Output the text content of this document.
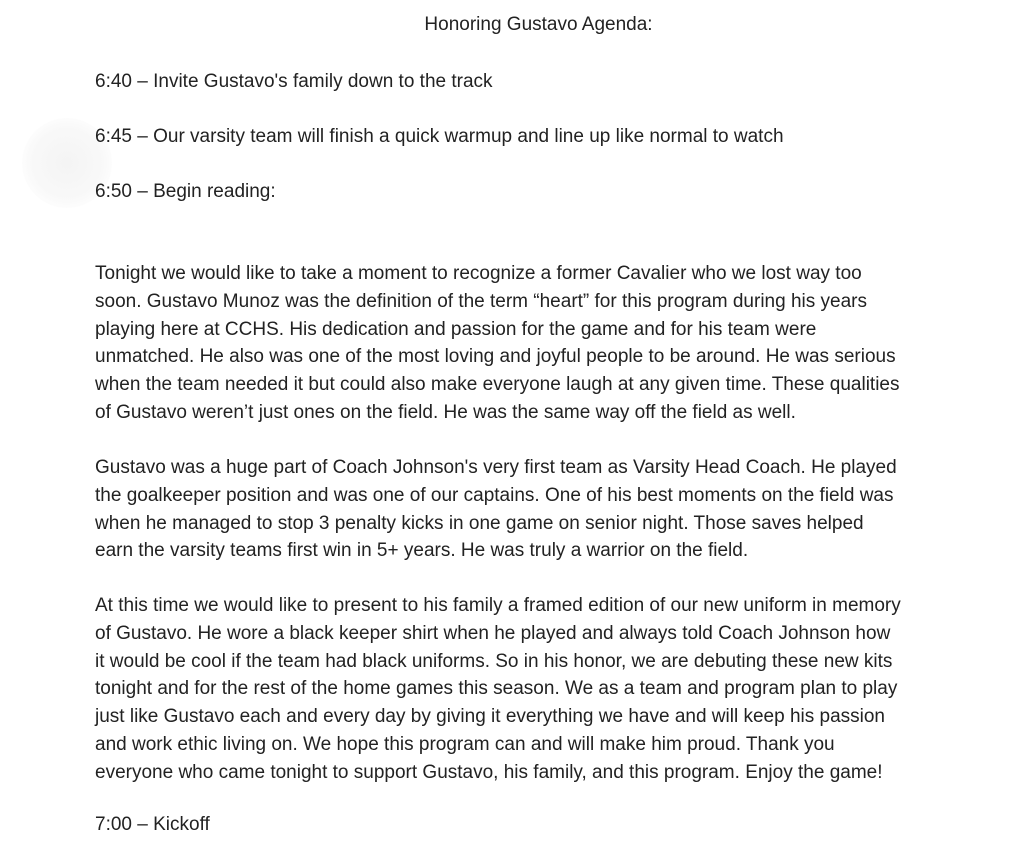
Honoring Gustavo Agenda:
6:40 – Invite Gustavo's family down to the track
6:45 – Our varsity team will finish a quick warmup and line up like normal to watch
6:50 – Begin reading:
Tonight we would like to take a moment to recognize a former Cavalier who we lost way too
soon. Gustavo Munoz was the definition of the term “heart” for this program during his years
playing here at CCHS. His dedication and passion for the game and for his team were
unmatched. He also was one of the most loving and joyful people to be around. He was serious
when the team needed it but could also make everyone laugh at any given time. These qualities
of Gustavo weren’t just ones on the field. He was the same way off the field as well.
Gustavo was a huge part of Coach Johnson's very first team as Varsity Head Coach. He played
the goalkeeper position and was one of our captains. One of his best moments on the field was
when he managed to stop 3 penalty kicks in one game on senior night. Those saves helped
earn the varsity teams first win in 5+ years. He was truly a warrior on the field.
At this time we would like to present to his family a framed edition of our new uniform in memory
of Gustavo. He wore a black keeper shirt when he played and always told Coach Johnson how
it would be cool if the team had black uniforms. So in his honor, we are debuting these new kits
tonight and for the rest of the home games this season. We as a team and program plan to play
just like Gustavo each and every day by giving it everything we have and will keep his passion
and work ethic living on. We hope this program can and will make him proud. Thank you
everyone who came tonight to support Gustavo, his family, and this program. Enjoy the game!
7:00 – Kickoff
